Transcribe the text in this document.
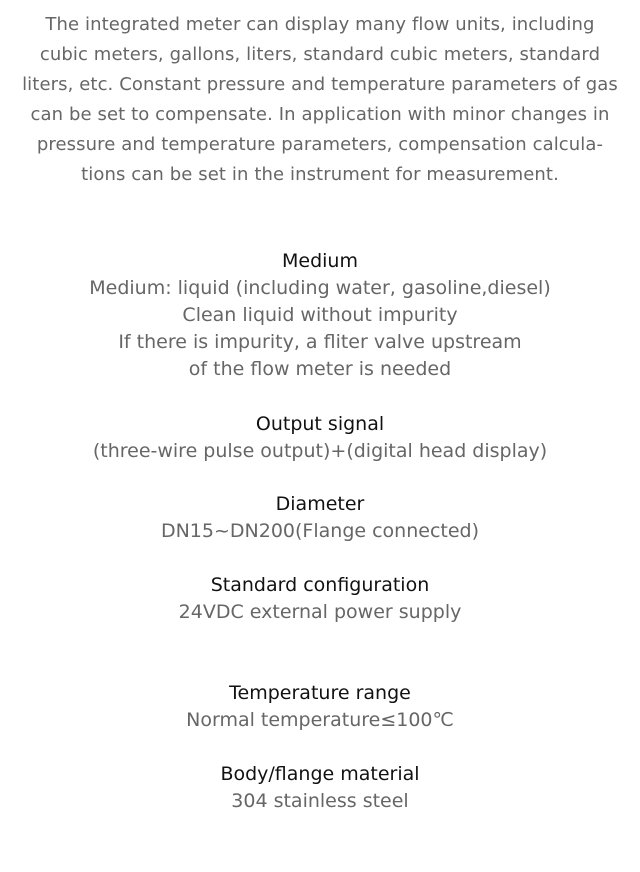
The integrated meter can display many flow units, including
cubic meters, gallons, liters, standard cubic meters, standard
liters, etc. Constant pressure and temperature parameters of gas
can be set to compensate. In application with minor changes in
pressure and temperature parameters, compensation calcula-
tions can be set in the instrument for measurement.
Medium
Medium: liquid (including water, gasoline,diesel)
Clean liquid without impurity
If there is impurity, a fliter valve upstream
of the flow meter is needed
Output signal
(three-wire pulse output)+(digital head display)
Diameter
DN15~DN200(Flange connected)
Standard configuration
24VDC external power supply
Temperature range
Normal temperature≤100℃
Body/flange material
304 stainless steel
